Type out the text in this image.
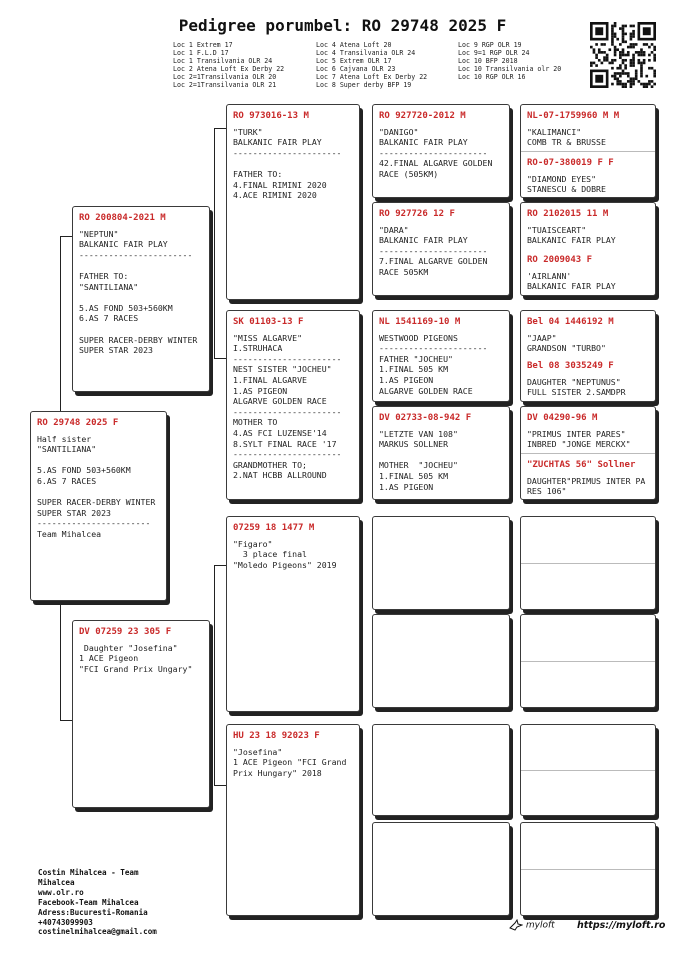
Pedigree porumbel: RO 29748 2025 F
Loc 1 Extrem 17
Loc 1 F.L.D 17
Loc 1 Transilvania OLR 24
Loc 2 Atena Loft Ex Derby 22
Loc 2=1Transilvania OLR 20
Loc 2=1Transilvania OLR 21
Loc 4 Atena Loft 20
Loc 4 Transilvania OLR 24
Loc 5 Extrem OLR 17
Loc 6 Cajvana OLR 23
Loc 7 Atena Loft Ex Derby 22
Loc 8 Super derby BFP 19
Loc 9 RGP OLR 19
Loc 9=1 RGP OLR 24
Loc 10 BFP 2018
Loc 10 Transilvania olr 20
Loc 10 RGP OLR 16
RO 29748 2025 F
Half sister
"SANTILIANA"
5.AS FOND 503+560KM
6.AS 7 RACES
SUPER RACER-DERBY WINTER
SUPER STAR 2023
-----------------------
Team Mihalcea
RO 200804-2021 M
"NEPTUN"
BALKANIC FAIR PLAY
-----------------------
FATHER TO:
"SANTILIANA"
5.AS FOND 503+560KM
6.AS 7 RACES
SUPER RACER-DERBY WINTER
SUPER STAR 2023
DV 07259 23 305 F
Daughter "Josefina"
1 ACE Pigeon
"FCI Grand Prix Ungary"
RO 973016-13 M
"TURK"
BALKANIC FAIR PLAY
----------------------
FATHER TO:
4.FINAL RIMINI 2020
4.ACE RIMINI 2020
SK 01103-13 F
"MISS ALGARVE"
I.STRUHACA
----------------------
NEST SISTER "JOCHEU"
1.FINAL ALGARVE
1.AS PIGEON
ALGARVE GOLDEN RACE
----------------------
MOTHER TO
4.AS FCI LUZENSE'14
8.SYLT FINAL RACE '17
----------------------
GRANDMOTHER TO;
2.NAT HCBB ALLROUND
07259 18 1477 M
"Figaro"
3 place final
"Moledo Pigeons" 2019
HU 23 18 92023 F
"Josefina"
1 ACE Pigeon "FCI Grand
Prix Hungary" 2018
RO 927720-2012 M
"DANIGO"
BALKANIC FAIR PLAY
----------------------
42.FINAL ALGARVE GOLDEN
RACE (505KM)
RO 927726 12 F
"DARA"
BALKANIC FAIR PLAY
----------------------
7.FINAL ALGARVE GOLDEN
RACE 505KM
NL 1541169-10 M
WESTWOOD PIGEONS
----------------------
FATHER "JOCHEU"
1.FINAL 505 KM
1.AS PIGEON
ALGARVE GOLDEN RACE
DV 02733-08-942 F
"LETZTE VAN 108"
MARKUS SOLLNER
MOTHER  "JOCHEU"
1.FINAL 505 KM
1.AS PIGEON
NL-07-1759960 M M
"KALIMANCI"
COMB TR & BRUSSE
RO-07-380019 F F
"DIAMOND EYES"
STANESCU & DOBRE
RO 2102015 11 M
"TUAISCEART"
BALKANIC FAIR PLAY
RO 2009043 F
'AIRLANN'
BALKANIC FAIR PLAY
Bel 04 1446192 M
"JAAP"
GRANDSON "TURBO"
Bel 08 3035249 F
DAUGHTER "NEPTUNUS"
FULL SISTER 2.SAMDPR
DV 04290-96 M
"PRIMUS INTER PARES"
INBRED "JONGE MERCKX"
"ZUCHTAS 56" Sollner
DAUGHTER"PRIMUS INTER PA
RES 106"
Costin Mihalcea - Team
Mihalcea
www.olr.ro
Facebook-Team Mihalcea
Adress:Bucuresti-Romania
+40743099903
costinelmihalcea@gmail.com
myloft https://myloft.ro
